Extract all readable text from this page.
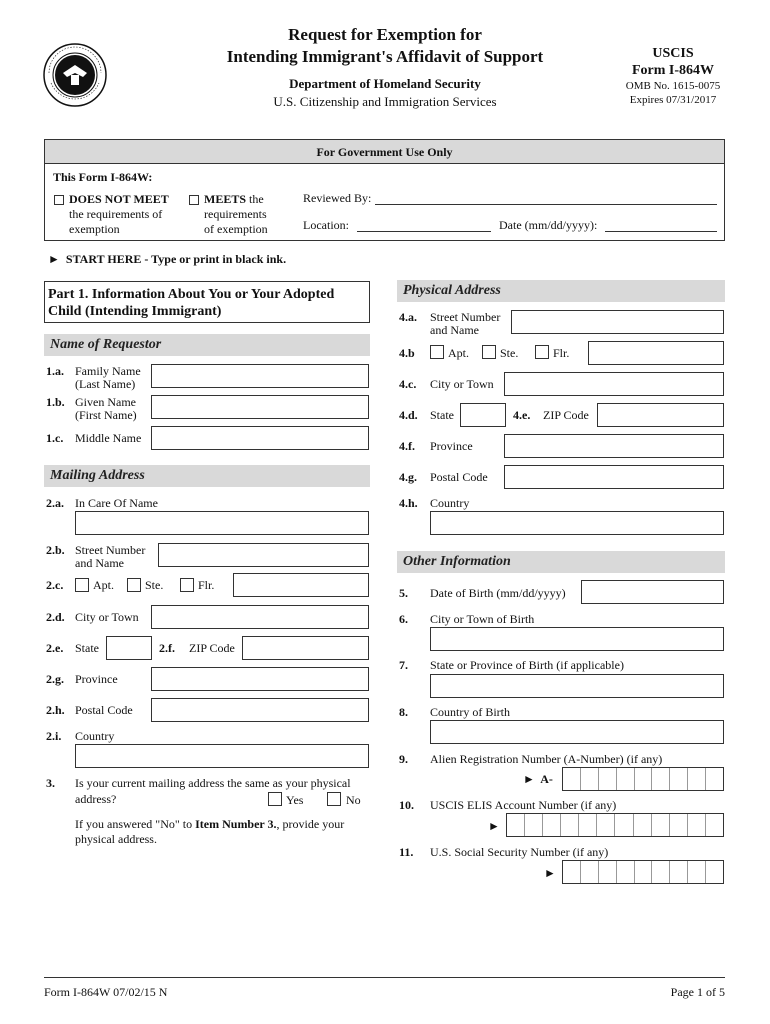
Request for Exemption for
Intending Immigrant's Affidavit of Support
Department of Homeland Security
U.S. Citizenship and Immigration Services
USCIS
Form I-864W
OMB No. 1615-0075
Expires 07/31/2017
For Government Use Only
This Form I-864W:
DOES NOT MEET
the requirements of
exemption
MEETS the
requirements
of exemption
Reviewed By:
Location:	Date (mm/dd/yyyy):
► START HERE - Type or print in black ink.
Part 1. Information About You or Your Adopted
Child (Intending Immigrant)
Name of Requestor
1.a. Family Name
(Last Name)
1.b. Given Name
(First Name)
1.c. Middle Name
Mailing Address
2.a. In Care Of Name
2.b. Street Number
and Name
2.c. Apt.	Ste.	Flr.
2.d. City or Town
2.e. State	2.f. ZIP Code
2.g. Province
2.h. Postal Code
2.i. Country
3. Is your current mailing address the same as your physical
address?	Yes	No
If you answered "No" to Item Number 3., provide your
physical address.
Physical Address
4.a. Street Number
and Name
4.b	Apt.	Ste.	Flr.
4.c. City or Town
4.d. State	4.e. ZIP Code
4.f. Province
4.g. Postal Code
4.h. Country
Other Information
5. Date of Birth (mm/dd/yyyy)
6. City or Town of Birth
7. State or Province of Birth (if applicable)
8. Country of Birth
9. Alien Registration Number (A-Number) (if any)
► A-
10. USCIS ELIS Account Number (if any)
►
11. U.S. Social Security Number (if any)
►
Form I-864W 07/02/15 N	Page 1 of 5
